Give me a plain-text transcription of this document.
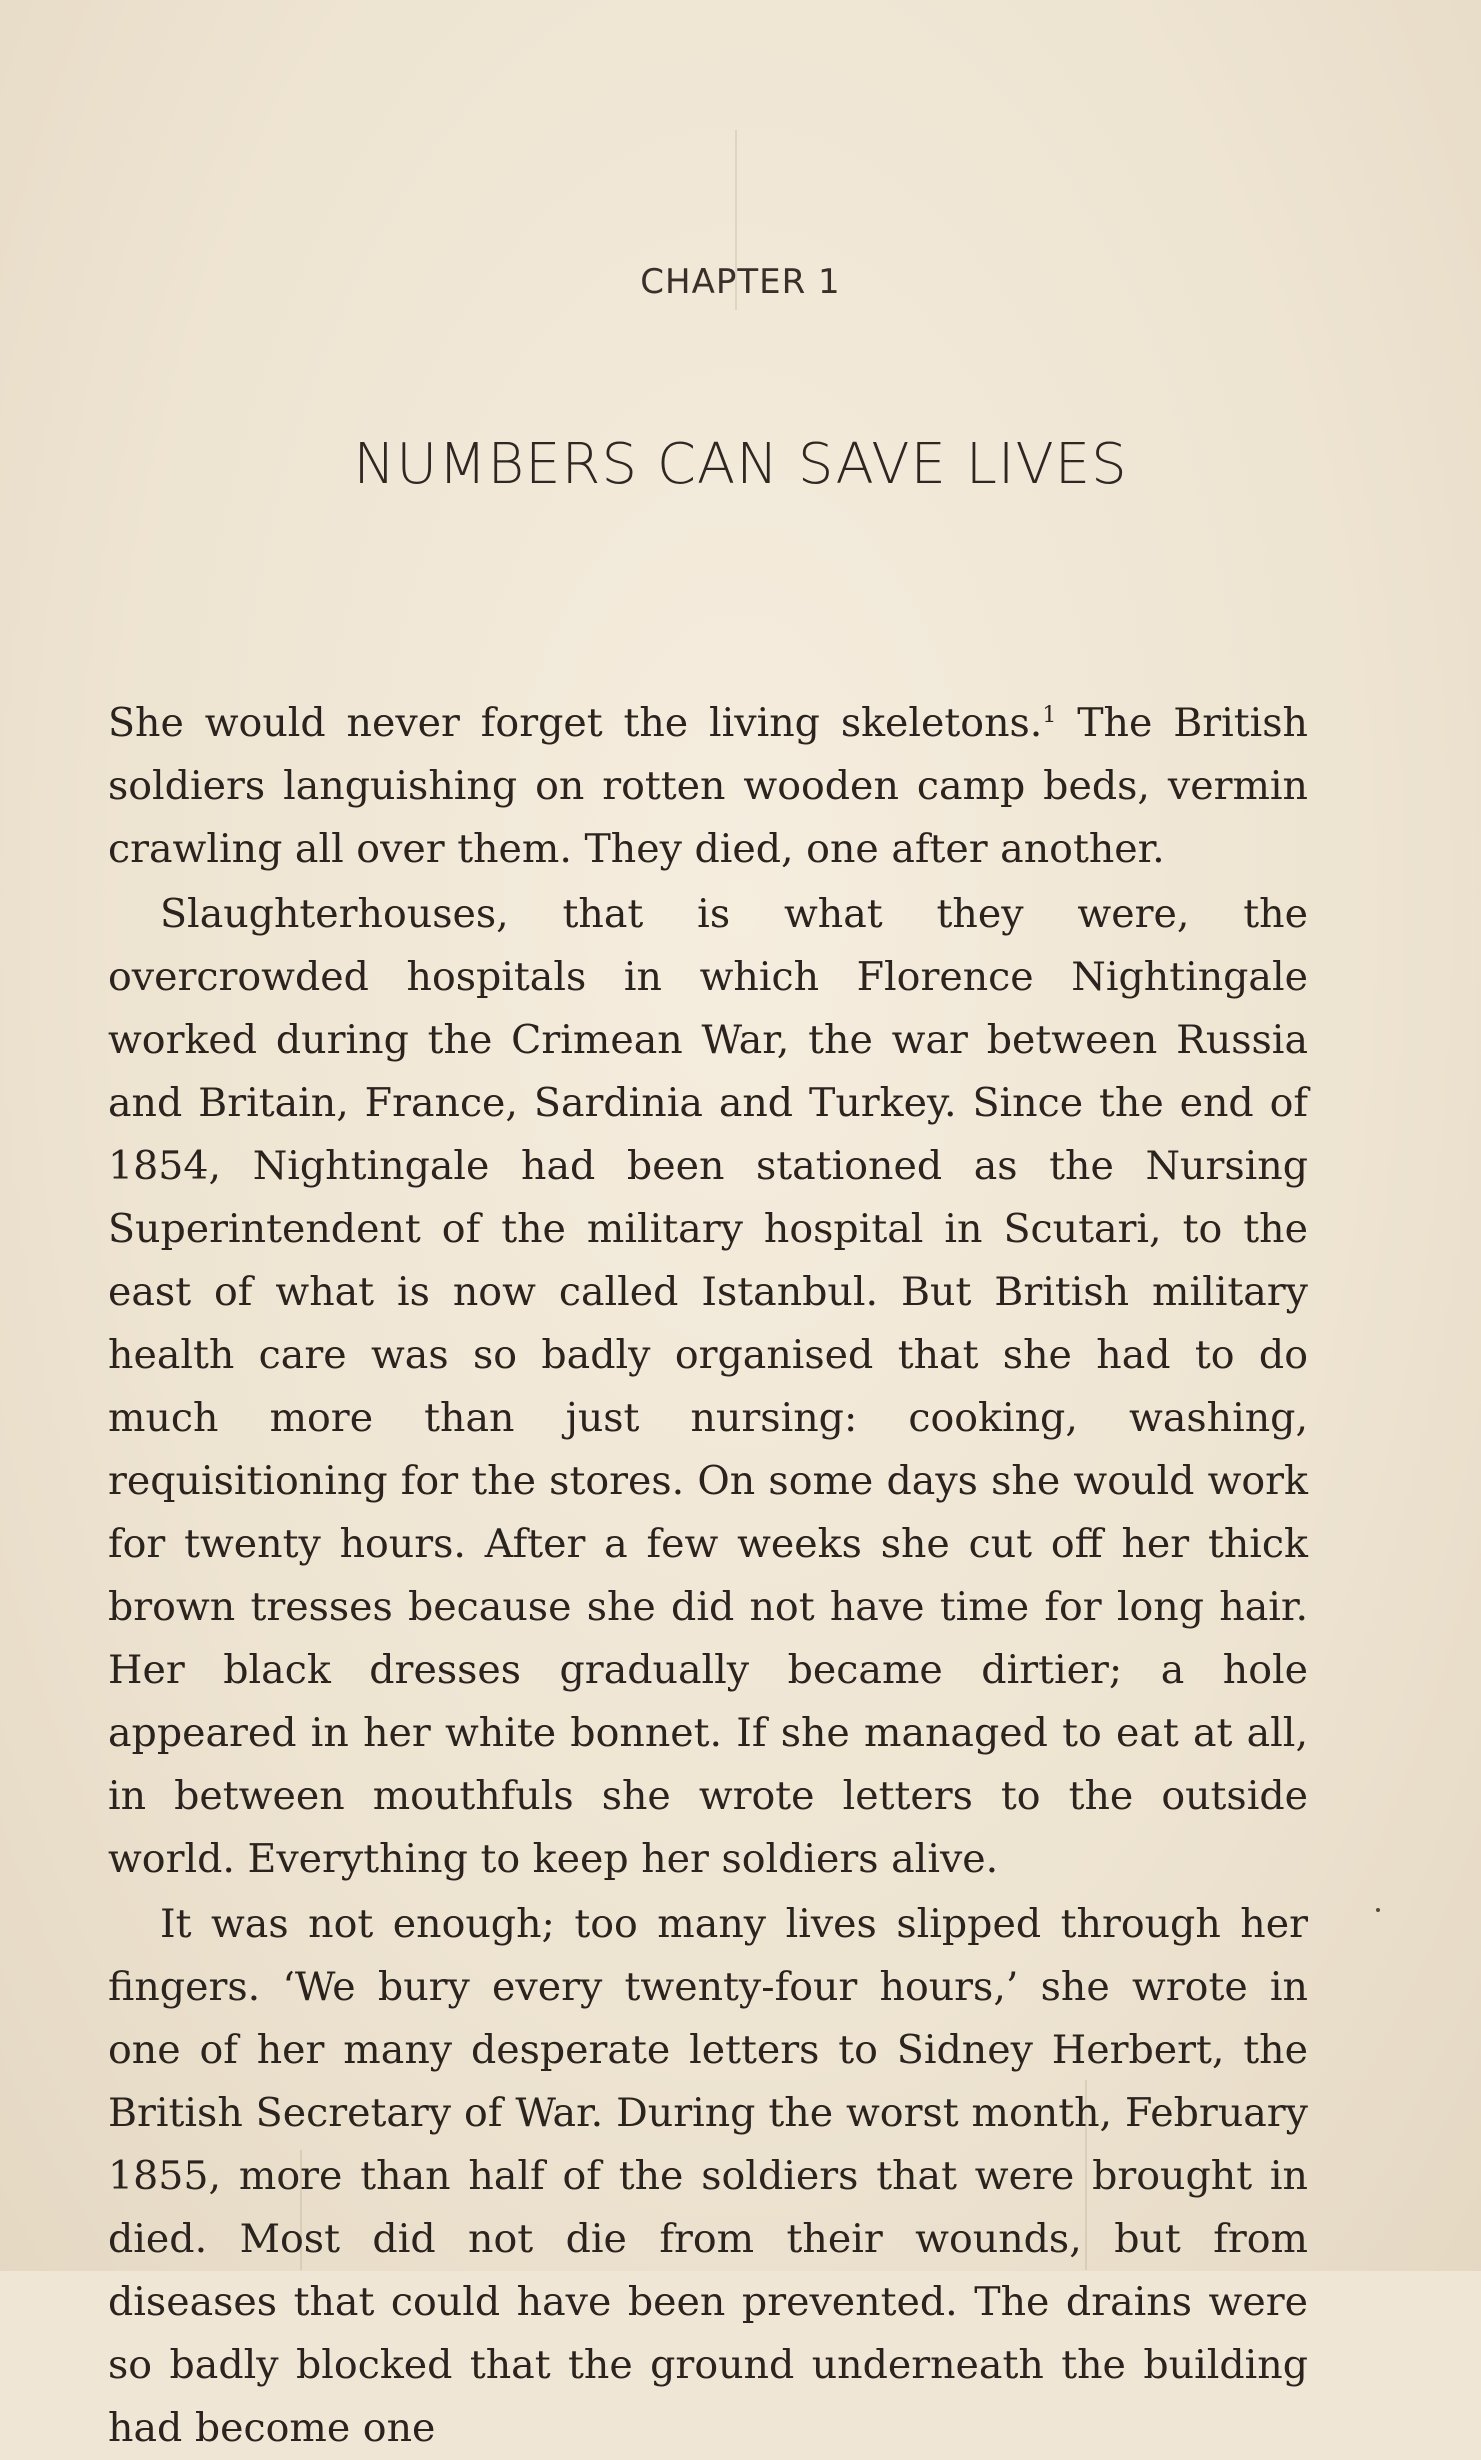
CHAPTER 1
NUMBERS CAN SAVE LIVES

She would never forget the living skeletons.$^1$ The British soldiers languishing on rotten wooden camp beds, vermin crawling all over them. They died, one after another.

Slaughterhouses, that is what they were, the overcrowded hospitals in which Florence Nightingale worked during the Crimean War, the war between Russia and Britain, France, Sardinia and Turkey. Since the end of 1854, Nightingale had been stationed as the Nursing Superintendent of the military hospital in Scutari, to the east of what is now called Istanbul. But British military health care was so badly organised that she had to do much more than just nursing: cooking, washing, requisitioning for the stores. On some days she would work for twenty hours. After a few weeks she cut off her thick brown tresses because she did not have time for long hair. Her black dresses gradually became dirtier; a hole appeared in her white bonnet. If she managed to eat at all, in between mouthfuls she wrote letters to the outside world. Everything to keep her soldiers alive.

It was not enough; too many lives slipped through her fingers. ‘We bury every twenty-four hours,’ she wrote in one of her many desperate letters to Sidney Herbert, the British Secretary of War. During the worst month, February 1855, more than half of the soldiers that were brought in died. Most did not die from their wounds, but from diseases that could have been prevented. The drains were so badly blocked that the ground underneath the building had become one
